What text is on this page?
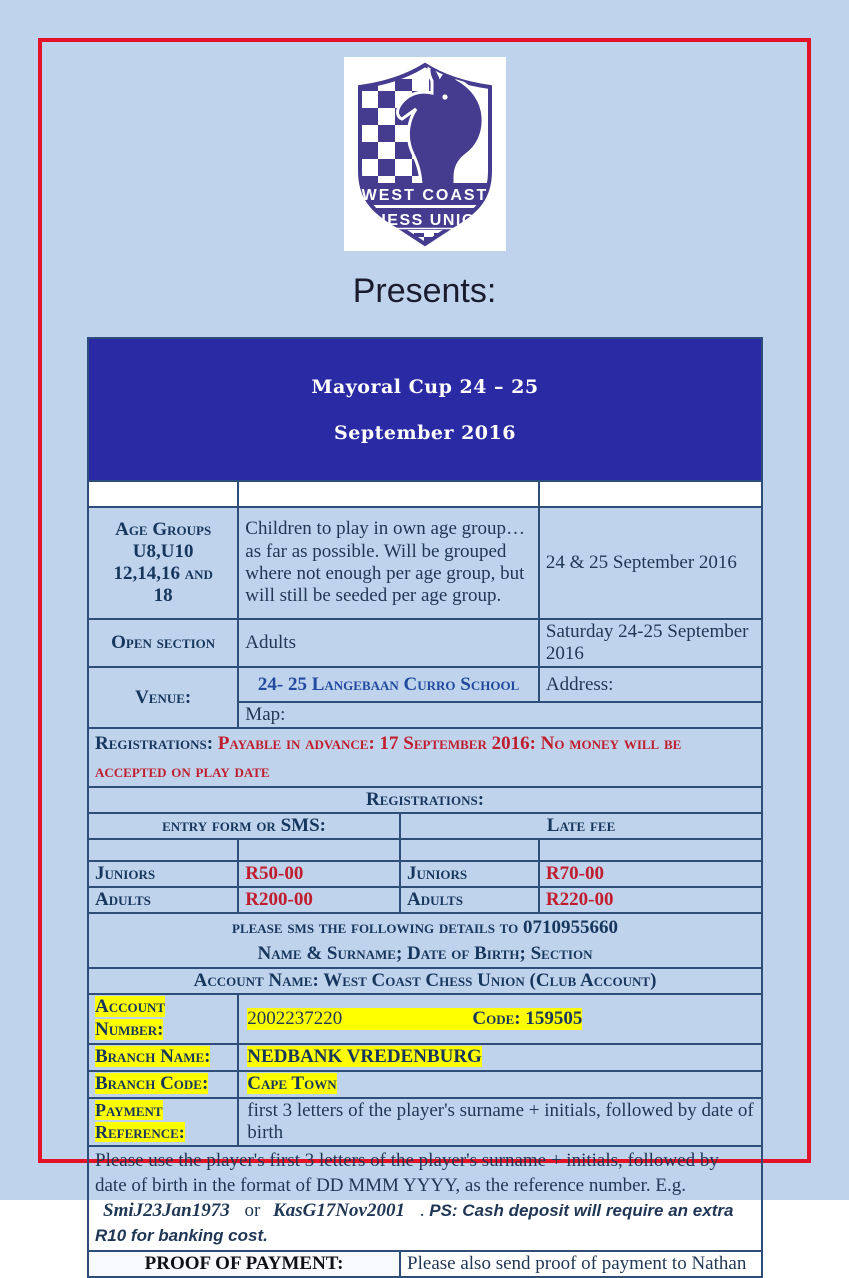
WEST COAST
CHESS UNION
Presents:
Mayoral Cup 24 – 25
September 2016			

Age Groups U8,U10 12,14,16 and 18	Children to play in own age group…as far as possible. Will be grouped where not enough per age group, but will still be seeded per age group.		24 & 25 September 2016
Open section	Adults		Saturday 24-25 September 2016
Venue:	24- 25 Langebaan Curro School		Address:
	Map:		
Registrations: Payable in advance: 17 September 2016: No money will be accepted on play date			
Registrations:			
entry form or SMS:		Late fee	

Juniors	R50-00	Juniors	R70-00
Adults	R200-00	Adults	R220-00

please sms the following details to 0710955660
Name & Surname; Date of Birth; Section			

Account Name: West Coast Chess Union (Club Account)			
Account Number:	2002237220 Code: 159505		

Branch Name:	NEDBANK VREDENBURG		
Branch Code:	Cape Town		
Payment Reference:	first 3 letters of the player's surname + initials, followed by date of birth		
Please use the player's first 3 letters of the player's surname + initials, followed by date of birth in the format of DD MMM YYYY, as the reference number. E.g. SmiJ23Jan1973 or KasG17Nov2001 . PS: Cash deposit will require an extra R10 for banking cost.			
PROOF OF PAYMENT:		Please also send proof of payment to Nathan	
